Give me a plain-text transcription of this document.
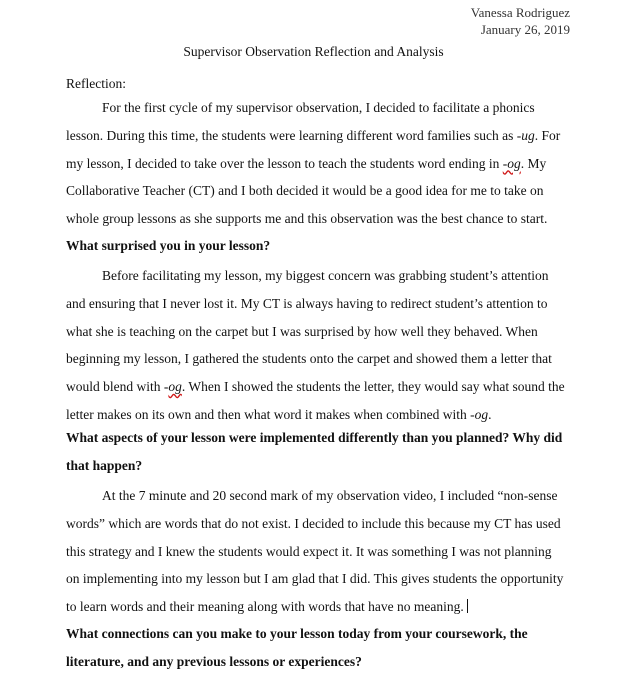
Vanessa Rodriguez
January 26, 2019
Supervisor Observation Reflection and Analysis
Reflection:
For the first cycle of my supervisor observation, I decided to facilitate a phonics lesson. During this time, the students were learning different word families such as -ug. For my lesson, I decided to take over the lesson to teach the students word ending in -og. My Collaborative Teacher (CT) and I both decided it would be a good idea for me to take on whole group lessons as she supports me and this observation was the best chance to start.
What surprised you in your lesson?
Before facilitating my lesson, my biggest concern was grabbing student’s attention and ensuring that I never lost it. My CT is always having to redirect student’s attention to what she is teaching on the carpet but I was surprised by how well they behaved. When beginning my lesson, I gathered the students onto the carpet and showed them a letter that would blend with -og. When I showed the students the letter, they would say what sound the letter makes on its own and then what word it makes when combined with -og.
What aspects of your lesson were implemented differently than you planned? Why did that happen?
At the 7 minute and 20 second mark of my observation video, I included “non-sense words” which are words that do not exist. I decided to include this because my CT has used this strategy and I knew the students would expect it. It was something I was not planning on implementing into my lesson but I am glad that I did. This gives students the opportunity to learn words and their meaning along with words that have no meaning.
What connections can you make to your lesson today from your coursework, the literature, and any previous lessons or experiences?
